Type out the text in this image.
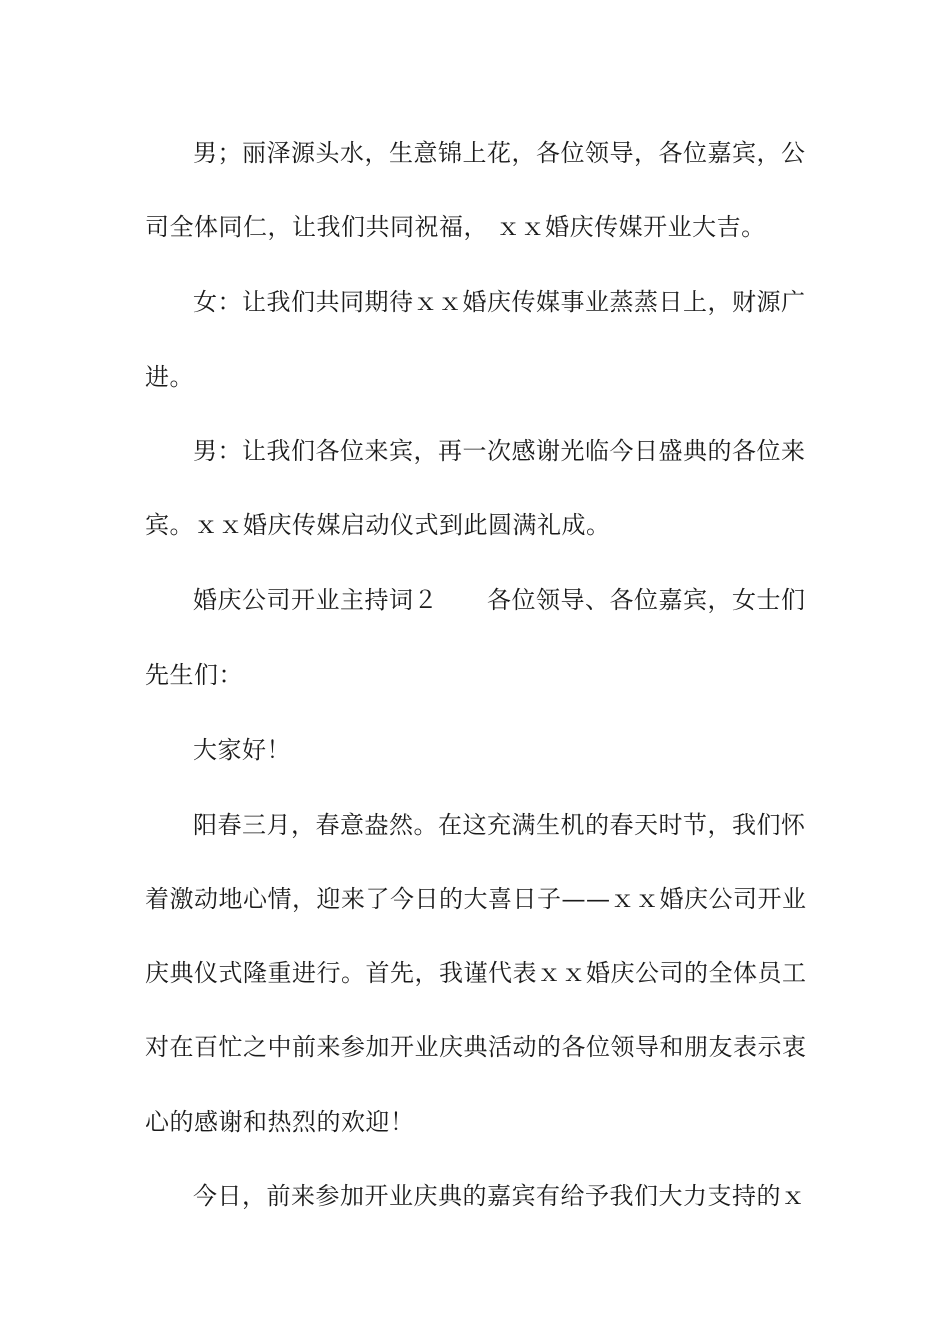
男；丽泽源头水，生意锦上花，各位领导，各位嘉宾，公
司全体同仁，让我们共同祝福， ｘｘ婚庆传媒开业大吉。
女：让我们共同期待ｘｘ婚庆传媒事业蒸蒸日上，财源广
进。
男：让我们各位来宾，再一次感谢光临今日盛典的各位来
宾。ｘｘ婚庆传媒启动仪式到此圆满礼成。
婚庆公司开业主持词２　　各位领导、各位嘉宾，女士们
先生们：
大家好！
阳春三月，春意盎然。在这充满生机的春天时节，我们怀
着激动地心情，迎来了今日的大喜日子——ｘｘ婚庆公司开业
庆典仪式隆重进行。首先，我谨代表ｘｘ婚庆公司的全体员工
对在百忙之中前来参加开业庆典活动的各位领导和朋友表示衷
心的感谢和热烈的欢迎！
今日，前来参加开业庆典的嘉宾有给予我们大力支持的ｘ
